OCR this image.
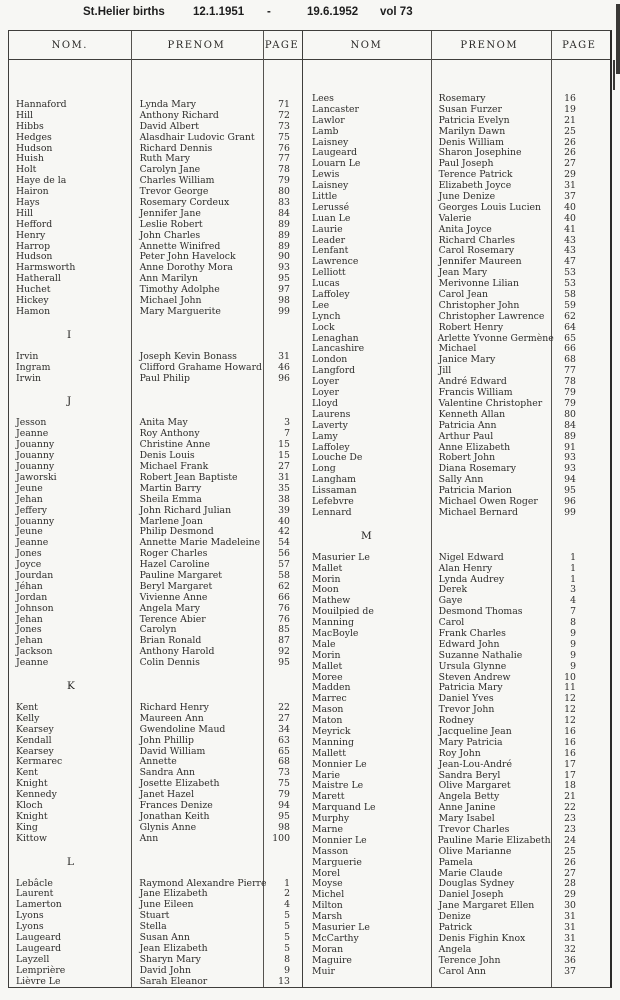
St.Helier births 12.1.1951 -	19.6.1952 vol 73
NOM.	PRENOM	PAGE
Hannaford	Lynda Mary	71
Hill	Anthony Richard	72
Hibbs	David Albert	73
Hedges	Alasdhair Ludovic Grant	75
Hudson	Richard Dennis	76
Huish	Ruth Mary	77
Holt	Carolyn Jane	78
Haye de la	Charles William	79
Hairon	Trevor George	80
Hays	Rosemary Cordeux	83
Hill	Jennifer Jane	84
Hefford	Leslie Robert	89
Henry	John Charles	89
Harrop	Annette Winifred	89
Hudson	Peter John Havelock	90
Harmsworth	Anne Dorothy Mora	93
Hatherall	Ann Marilyn	95
Huchet	Timothy Adolphe	97
Hickey	Michael John	98
Hamon	Mary Marguerite	99
I
Irvin	Joseph Kevin Bonass	31
Ingram	Clifford Grahame Howard	46
Irwin	Paul Philip	96
J
Jesson	Anita May	3
Jeanne	Roy Anthony	7
Jouanny	Christine Anne	15
Jouanny	Denis Louis	15
Jouanny	Michael Frank	27
Jaworski	Robert Jean Baptiste	31
Jeune	Martin Barry	35
Jehan	Sheila Emma	38
Jeffery	John Richard Julian	39
Jouanny	Marlene Joan	40
Jeune	Philip Desmond	42
Jeanne	Annette Marie Madeleine	54
Jones	Roger Charles	56
Joyce	Hazel Caroline	57
Jourdan	Pauline Margaret	58
Jéhan	Beryl Margaret	62
Jordan	Vivienne Anne	66
Johnson	Angela Mary	76
Jehan	Terence Abier	76
Jones	Carolyn	85
Jehan	Brian Ronald	87
Jackson	Anthony Harold	92
Jeanne	Colin Dennis	95
K
Kent	Richard Henry	22
Kelly	Maureen Ann	27
Kearsey	Gwendoline Maud	34
Kendall	John Phillip	63
Kearsey	David William	65
Kermarec	Annette	68
Kent	Sandra Ann	73
Knight	Josette Elizabeth	75
Kennedy	Janet Hazel	79
Kloch	Frances Denize	94
Knight	Jonathan Keith	95
King	Glynis Anne	98
Kittow	Ann	100
L
Lebâcle	Raymond Alexandre Pierre	1
Laurent	Jane Elizabeth	2
Lamerton	June Eileen	4
Lyons	Stuart	5
Lyons	Stella	5
Laugeard	Susan Ann	5
Laugeard	Jean Elizabeth	5
Layzell	Sharyn Mary	8
Lemprière	David John	9
Lièvre Le	Sarah Eleanor	13
NOM	PRENOM	PAGE
Lees	Rosemary	16
Lancaster	Susan Furzer	19
Lawlor	Patricia Evelyn	21
Lamb	Marilyn Dawn	25
Laisney	Denis William	26
Laugeard	Sharon Josephine	26
Louarn Le	Paul Joseph	27
Lewis	Terence Patrick	29
Laisney	Elizabeth Joyce	31
Little	June Denize	37
Lerussé	Georges Louis Lucien	40
Luan Le	Valerie	40
Laurie	Anita Joyce	41
Leader	Richard Charles	43
Lenfant	Carol Rosemary	43
Lawrence	Jennifer Maureen	47
Lelliott	Jean Mary	53
Lucas	Merivonne Lilian	53
Laffoley	Carol Jean	58
Lee	Christopher John	59
Lynch	Christopher Lawrence	62
Lock	Robert Henry	64
Lenaghan	Arlette Yvonne Germène	65
Lancashire	Michael	66
London	Janice Mary	68
Langford	Jill	77
Loyer	André Edward	78
Loyer	Francis William	79
Lloyd	Valentine Christopher	79
Laurens	Kenneth Allan	80
Laverty	Patricia Ann	84
Lamy	Arthur Paul	89
Laffoley	Anne Elizabeth	91
Louche De	Robert John	93
Long	Diana Rosemary	93
Langham	Sally Ann	94
Lissaman	Patricia Marion	95
Lefebvre	Michael Owen Roger	96
Lennard	Michael Bernard	99
M
Masurier Le	Nigel Edward	1
Mallet	Alan Henry	1
Morin	Lynda Audrey	1
Moon	Derek	3
Mathew	Gaye	4
Mouilpied de	Desmond Thomas	7
Manning	Carol	8
MacBoyle	Frank Charles	9
Male	Edward John	9
Morin	Suzanne Nathalie	9
Mallet	Ursula Glynne	9
Moree	Steven Andrew	10
Madden	Patricia Mary	11
Marrec	Daniel Yves	12
Mason	Trevor John	12
Maton	Rodney	12
Meyrick	Jacqueline Jean	16
Manning	Mary Patricia	16
Mallett	Roy John	16
Monnier Le	Jean-Lou-André	17
Marie	Sandra Beryl	17
Maistre Le	Olive Margaret	18
Marett	Angela Betty	21
Marquand Le	Anne Janine	22
Murphy	Mary Isabel	23
Marne	Trevor Charles	23
Monnier Le	Pauline Marie Elizabeth	24
Masson	Olive Marianne	25
Marguerie	Pamela	26
Morel	Marie Claude	27
Moyse	Douglas Sydney	28
Michel	Daniel Joseph	29
Milton	Jane Margaret Ellen	30
Marsh	Denize	31
Masurier Le	Patrick	31
McCarthy	Denis Fighin Knox	31
Moran	Angela	32
Maguire	Terence John	36
Muir	Carol Ann	37
